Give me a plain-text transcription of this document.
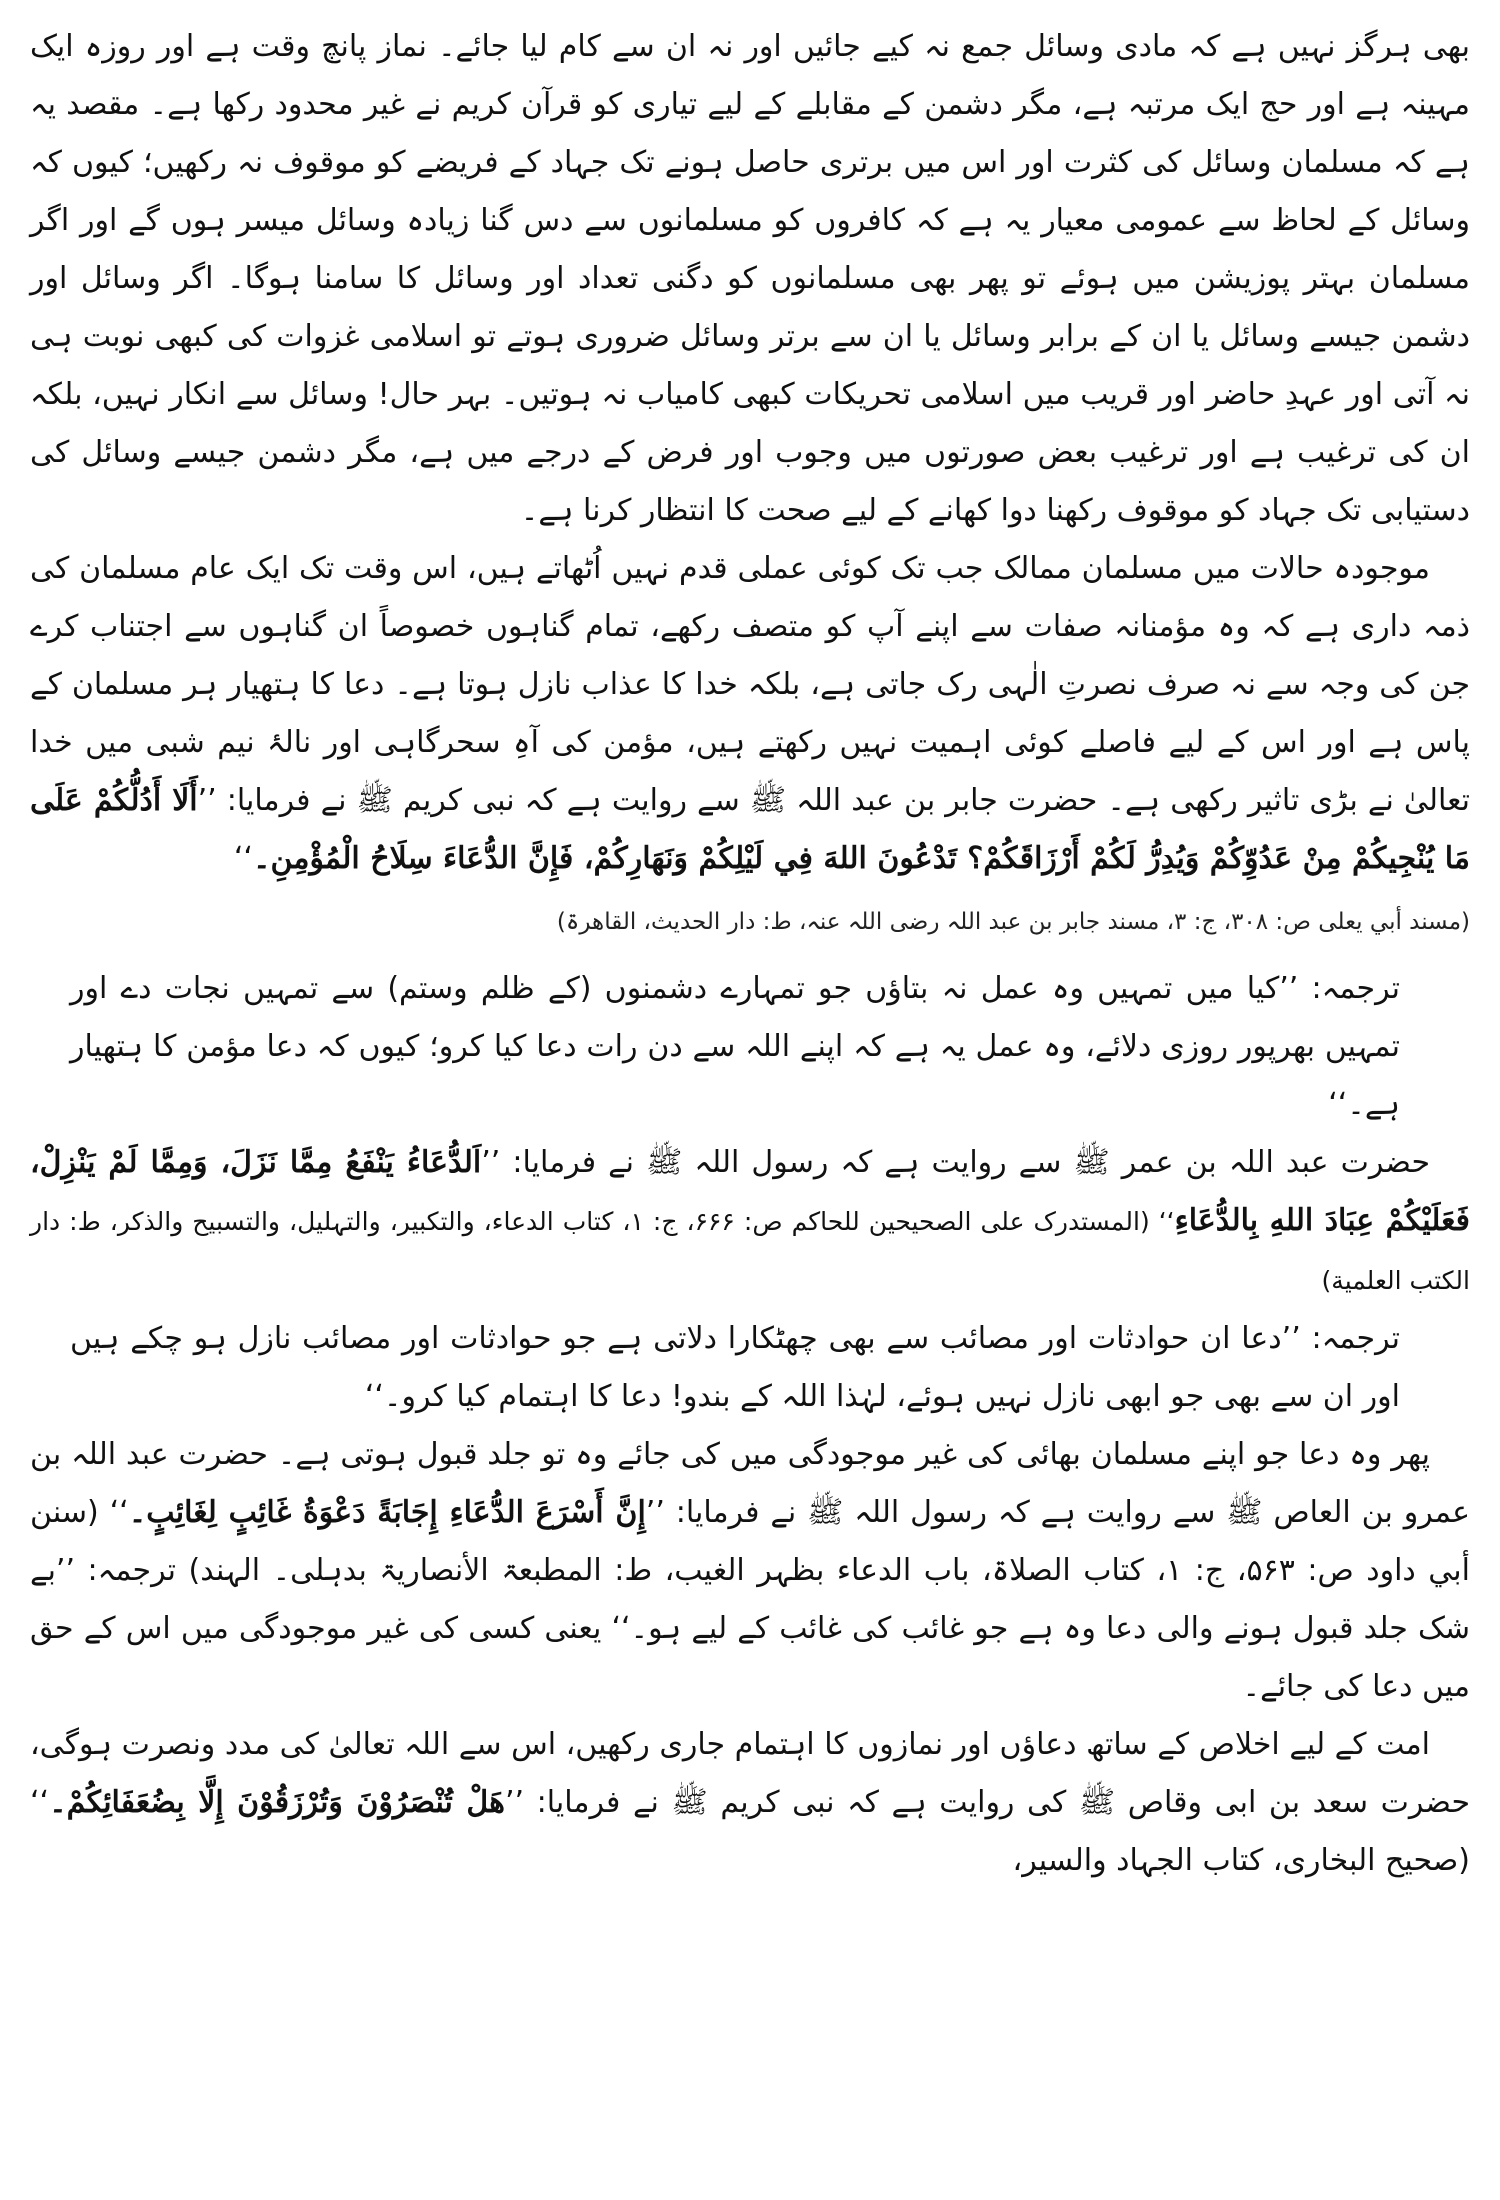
بھی ہرگز نہیں ہے کہ مادی وسائل جمع نہ کیے جائیں اور نہ ان سے کام لیا جائے۔ نماز پانچ وقت ہے اور روزہ ایک مہینہ ہے اور حج ایک مرتبہ ہے، مگر دشمن کے مقابلے کے لیے تیاری کو قرآن کریم نے غیر محدود رکھا ہے۔ مقصد یہ ہے کہ مسلمان وسائل کی کثرت اور اس میں برتری حاصل ہونے تک جہاد کے فریضے کو موقوف نہ رکھیں؛ کیوں کہ وسائل کے لحاظ سے عمومی معیار یہ ہے کہ کافروں کو مسلمانوں سے دس گنا زیادہ وسائل میسر ہوں گے اور اگر مسلمان بہتر پوزیشن میں ہوئے تو پھر بھی مسلمانوں کو دگنی تعداد اور وسائل کا سامنا ہوگا۔ اگر وسائل اور دشمن جیسے وسائل یا ان کے برابر وسائل یا ان سے برتر وسائل ضروری ہوتے تو اسلامی غزوات کی کبھی نوبت ہی نہ آتی اور عہدِ حاضر اور قریب میں اسلامی تحریکات کبھی کامیاب نہ ہوتیں۔ بہر حال! وسائل سے انکار نہیں، بلکہ ان کی ترغیب ہے اور ترغیب بعض صورتوں میں وجوب اور فرض کے درجے میں ہے، مگر دشمن جیسے وسائل کی دستیابی تک جہاد کو موقوف رکھنا دوا کھانے کے لیے صحت کا انتظار کرنا ہے۔

موجودہ حالات میں مسلمان ممالک جب تک کوئی عملی قدم نہیں اُٹھاتے ہیں، اس وقت تک ایک عام مسلمان کی ذمہ داری ہے کہ وہ مؤمنانہ صفات سے اپنے آپ کو متصف رکھے، تمام گناہوں خصوصاً ان گناہوں سے اجتناب کرے جن کی وجہ سے نہ صرف نصرتِ الٰہی رک جاتی ہے، بلکہ خدا کا عذاب نازل ہوتا ہے۔ دعا کا ہتھیار ہر مسلمان کے پاس ہے اور اس کے لیے فاصلے کوئی اہمیت نہیں رکھتے ہیں، مؤمن کی آہِ سحرگاہی اور نالۂ نیم شبی میں خدا تعالیٰ نے بڑی تاثیر رکھی ہے۔ حضرت جابر بن عبد اللہ ﷺ سے روایت ہے کہ نبی کریم ﷺ نے فرمایا: ’’أَلَا أَدُلُّكُمْ عَلَى مَا يُنْجِيكُمْ مِنْ عَدُوِّكُمْ وَيُدِرُّ لَكُمْ أَرْزَاقَكُمْ؟ تَدْعُونَ اللهَ فِي لَيْلِكُمْ وَنَهَارِكُمْ، فَإِنَّ الدُّعَاءَ سِلَاحُ الْمُؤْمِنِ۔‘‘

(مسند أبي يعلى ص: ۳۰۸، ج: ۳، مسند جابر بن عبد اللہ رضی اللہ عنہ، ط: دار الحدیث، القاھرۃ)

ترجمہ: ’’کیا میں تمہیں وہ عمل نہ بتاؤں جو تمہارے دشمنوں (کے ظلم وستم) سے تمہیں نجات دے اور تمہیں بھرپور روزی دلائے، وہ عمل یہ ہے کہ اپنے اللہ سے دن رات دعا کیا کرو؛ کیوں کہ دعا مؤمن کا ہتھیار ہے۔‘‘

حضرت عبد اللہ بن عمر ﷺ سے روایت ہے کہ رسول اللہ ﷺ نے فرمایا: ’’اَلدُّعَاءُ يَنْفَعُ مِمَّا نَزَلَ، وَمِمَّا لَمْ يَنْزِلْ، فَعَلَيْكُمْ عِبَادَ اللهِ بِالدُّعَاءِ‘‘ (المستدرک علی الصحیحین للحاکم ص: ۶۶۶، ج: ۱، کتاب الدعاء، والتکبیر، والتہلیل، والتسبیح والذکر، ط: دار الکتب العلمیة)

ترجمہ: ’’دعا ان حوادثات اور مصائب سے بھی چھٹکارا دلاتی ہے جو حوادثات اور مصائب نازل ہو چکے ہیں اور ان سے بھی جو ابھی نازل نہیں ہوئے، لہٰذا اللہ کے بندو! دعا کا اہتمام کیا کرو۔‘‘

پھر وہ دعا جو اپنے مسلمان بھائی کی غیر موجودگی میں کی جائے وہ تو جلد قبول ہوتی ہے۔ حضرت عبد اللہ بن عمرو بن العاص ﷺ سے روایت ہے کہ رسول اللہ ﷺ نے فرمایا: ’’إِنَّ أَسْرَعَ الدُّعَاءِ إِجَابَةً دَعْوَةُ غَائِبٍ لِغَائِبٍ۔‘‘ (سنن أبي داود ص: ۵۶۳، ج: ۱، کتاب الصلاۃ، باب الدعاء بظہر الغیب، ط: المطبعۃ الأنصاریۃ بدہلی۔ الہند) ترجمہ: ’’بے شک جلد قبول ہونے والی دعا وہ ہے جو غائب کی غائب کے لیے ہو۔‘‘ یعنی کسی کی غیر موجودگی میں اس کے حق میں دعا کی جائے۔

امت کے لیے اخلاص کے ساتھ دعاؤں اور نمازوں کا اہتمام جاری رکھیں، اس سے اللہ تعالیٰ کی مدد ونصرت ہوگی، حضرت سعد بن ابی وقاص ﷺ کی روایت ہے کہ نبی کریم ﷺ نے فرمایا: ’’هَلْ تُنْصَرُوْنَ وَتُرْزَقُوْنَ إِلَّا بِضُعَفَائِكُمْ۔‘‘ (صحیح البخاری، کتاب الجہاد والسیر،
